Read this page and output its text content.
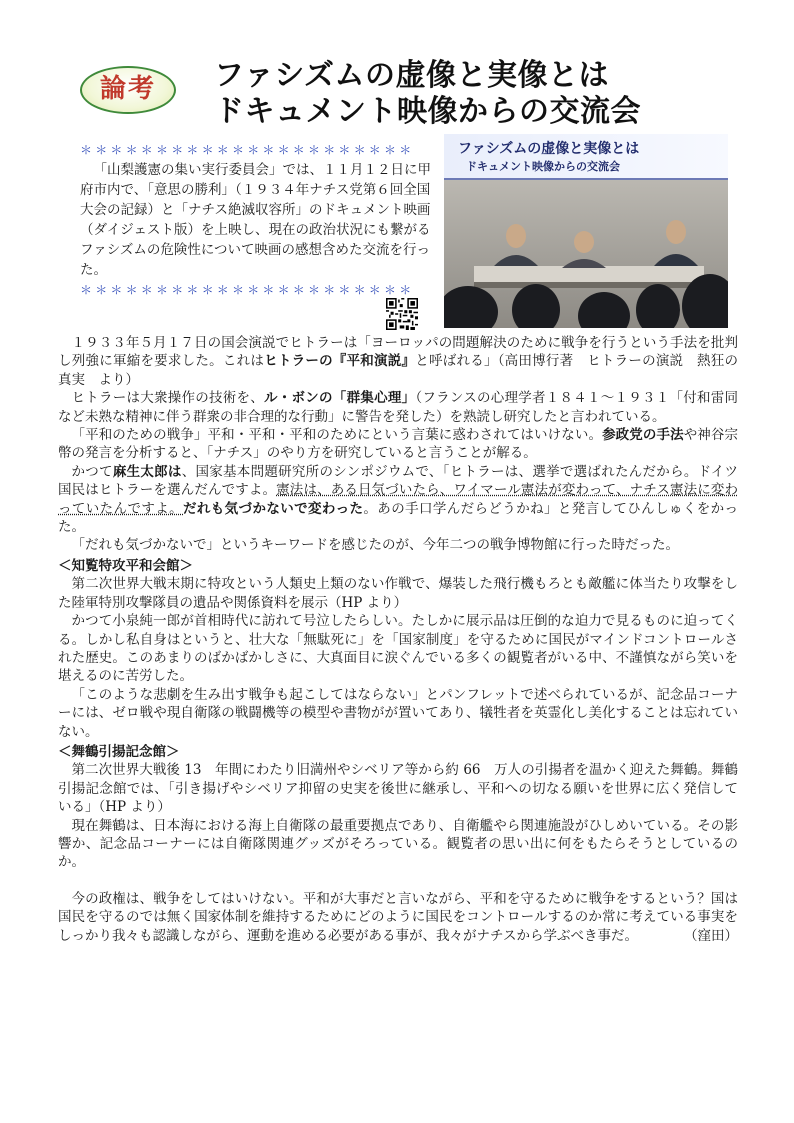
論考	ファシズムの虚像と実像とは
ドキュメント映像からの交流会
＊＊＊＊＊＊＊＊＊＊＊＊＊＊＊＊＊＊＊＊＊＊

「山梨護憲の集い実行委員会」では、１１月１２日に甲府市内で、「意思の勝利」（１９３４年ナチス党第６回全国大会の記録）と「ナチス絶滅収容所」のドキュメント映画（ダイジェスト版）を上映し、現在の政治状況にも繋がるファシズムの危険性について映画の感想含めた交流を行った。

＊＊＊＊＊＊＊＊＊＊＊＊＊＊＊＊＊＊＊＊＊＊
ファシズムの虚像と実像とは
ドキュメント映像からの交流会

１９３３年５月１７日の国会演説でヒトラーは「ヨーロッパの問題解決のために戦争を行うという手法を批判し列強に軍縮を要求した。これはヒトラーの『平和演説』と呼ばれる」（高田博行著　ヒトラーの演説　熱狂の真実　より）

ヒトラーは大衆操作の技術を、ル・ボンの「群集心理」（フランスの心理学者１８４１～１９３１「付和雷同など未熟な精神に伴う群衆の非合理的な行動」に警告を発した）を熟読し研究したと言われている。

「平和のための戦争」平和・平和・平和のためにという言葉に惑わされてはいけない。参政党の手法や神谷宗幣の発言を分析すると、「ナチス」のやり方を研究していると言うことが解る。

かつて麻生太郎は、国家基本問題研究所のシンポジウムで、「ヒトラーは、選挙で選ばれたんだから。ドイツ国民はヒトラーを選んだんですよ。憲法は、ある日気づいたら、ワイマール憲法が変わって、ナチス憲法に変わっていたんですよ。だれも気づかないで変わった。あの手口学んだらどうかね」と発言してひんしゅくをかった。

「だれも気づかないで」というキーワードを感じたのが、今年二つの戦争博物館に行った時だった。

＜知覧特攻平和会館＞

第二次世界大戦末期に特攻という人類史上類のない作戦で、爆装した飛行機もろとも敵艦に体当たり攻撃をした陸軍特別攻撃隊員の遺品や関係資料を展示（HP より）

かつて小泉純一郎が首相時代に訪れて号泣したらしい。たしかに展示品は圧倒的な迫力で見るものに迫ってくる。しかし私自身はというと、壮大な「無駄死に」を「国家制度」を守るために国民がマインドコントロールされた歴史。このあまりのばかばかしさに、大真面目に涙ぐんでいる多くの観覧者がいる中、不謹慎ながら笑いを堪えるのに苦労した。

「このような悲劇を生み出す戦争も起こしてはならない」とパンフレットで述べられているが、記念品コーナーには、ゼロ戦や現自衛隊の戦闘機等の模型や書物がが置いてあり、犠牲者を英霊化し美化することは忘れていない。

＜舞鶴引揚記念館＞

第二次世界大戦後 13　年間にわたり旧満州やシベリア等から約 66　万人の引揚者を温かく迎えた舞鶴。舞鶴引揚記念館では、「引き揚げやシベリア抑留の史実を後世に継承し、平和への切なる願いを世界に広く発信している」（HP より）

現在舞鶴は、日本海における海上自衛隊の最重要拠点であり、自衛艦やら関連施設がひしめいている。その影響か、記念品コーナーには自衛隊関連グッズがそろっている。観覧者の思い出に何をもたらそうとしているのか。

今の政権は、戦争をしてはいけない。平和が大事だと言いながら、平和を守るために戦争をするという？国は国民を守るのでは無く国家体制を維持するためにどのように国民をコントロールするのか常に考えている事実をしっかり我々も認識しながら、運動を進める必要がある事が、我々がナチスから学ぶべき事だ。	（窪田）
